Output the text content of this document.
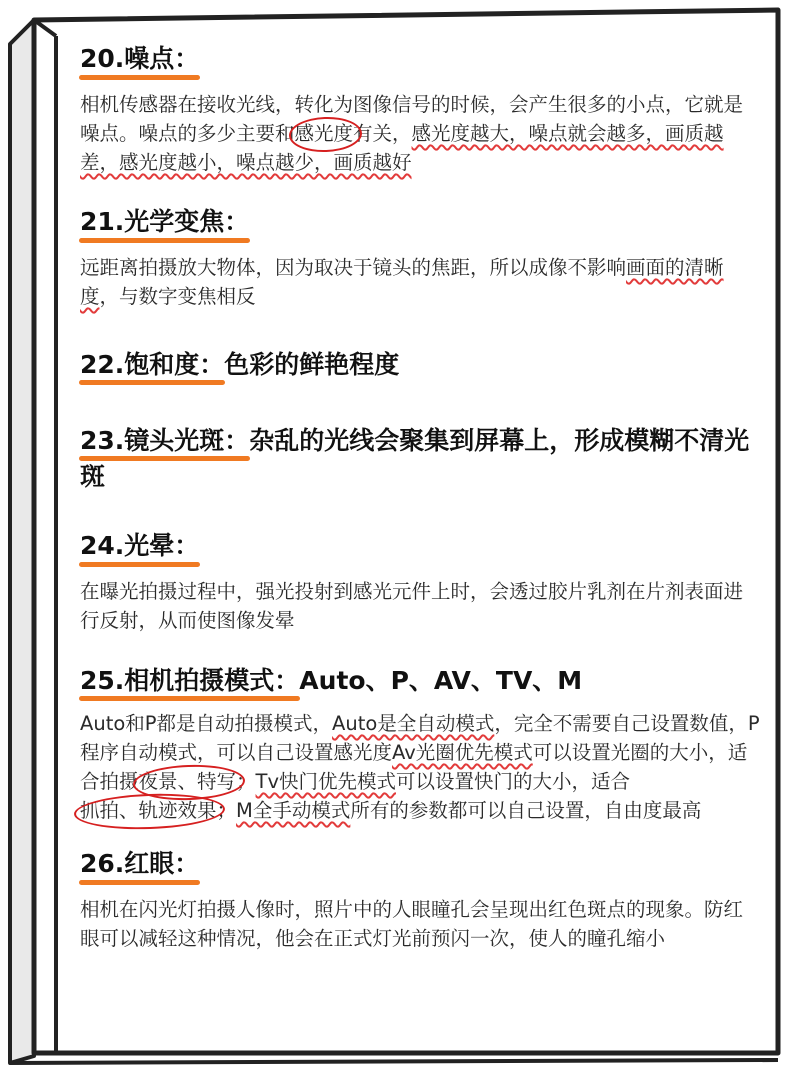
20.噪点：
相机传感器在接收光线，转化为图像信号的时候，会产生很多的小点，它就是噪点。噪点的多少主要和感光度有关，感光度越大，噪点就会越多，画质越差，感光度越小，噪点越少，画质越好
21.光学变焦：
远距离拍摄放大物体，因为取决于镜头的焦距，所以成像不影响画面的清晰度，与数字变焦相反
22.饱和度：
色彩的鲜艳程度
23.镜头光斑：
杂乱的光线会聚集到屏幕上，形成模糊不清光斑
24.光晕：
在曝光拍摄过程中，强光投射到感光元件上时，会透过胶片乳剂在片剂表面进行反射，从而使图像发晕
25.相机拍摄模式：
Auto、P、AV、TV、M
Auto和P都是自动拍摄模式，Auto是全自动模式，完全不需要自己设置数值，P程序自动模式，可以自己设置感光度Av光圈优先模式可以设置光圈的大小，适合拍摄夜景、特写；Tv快门优先模式可以设置快门的大小，适合抓拍、轨迹效果；M全手动模式所有的参数都可以自己设置，自由度最高
26.红眼：
相机在闪光灯拍摄人像时，照片中的人眼瞳孔会呈现出红色斑点的现象。防红眼可以减轻这种情况，他会在正式灯光前预闪一次，使人的瞳孔缩小
